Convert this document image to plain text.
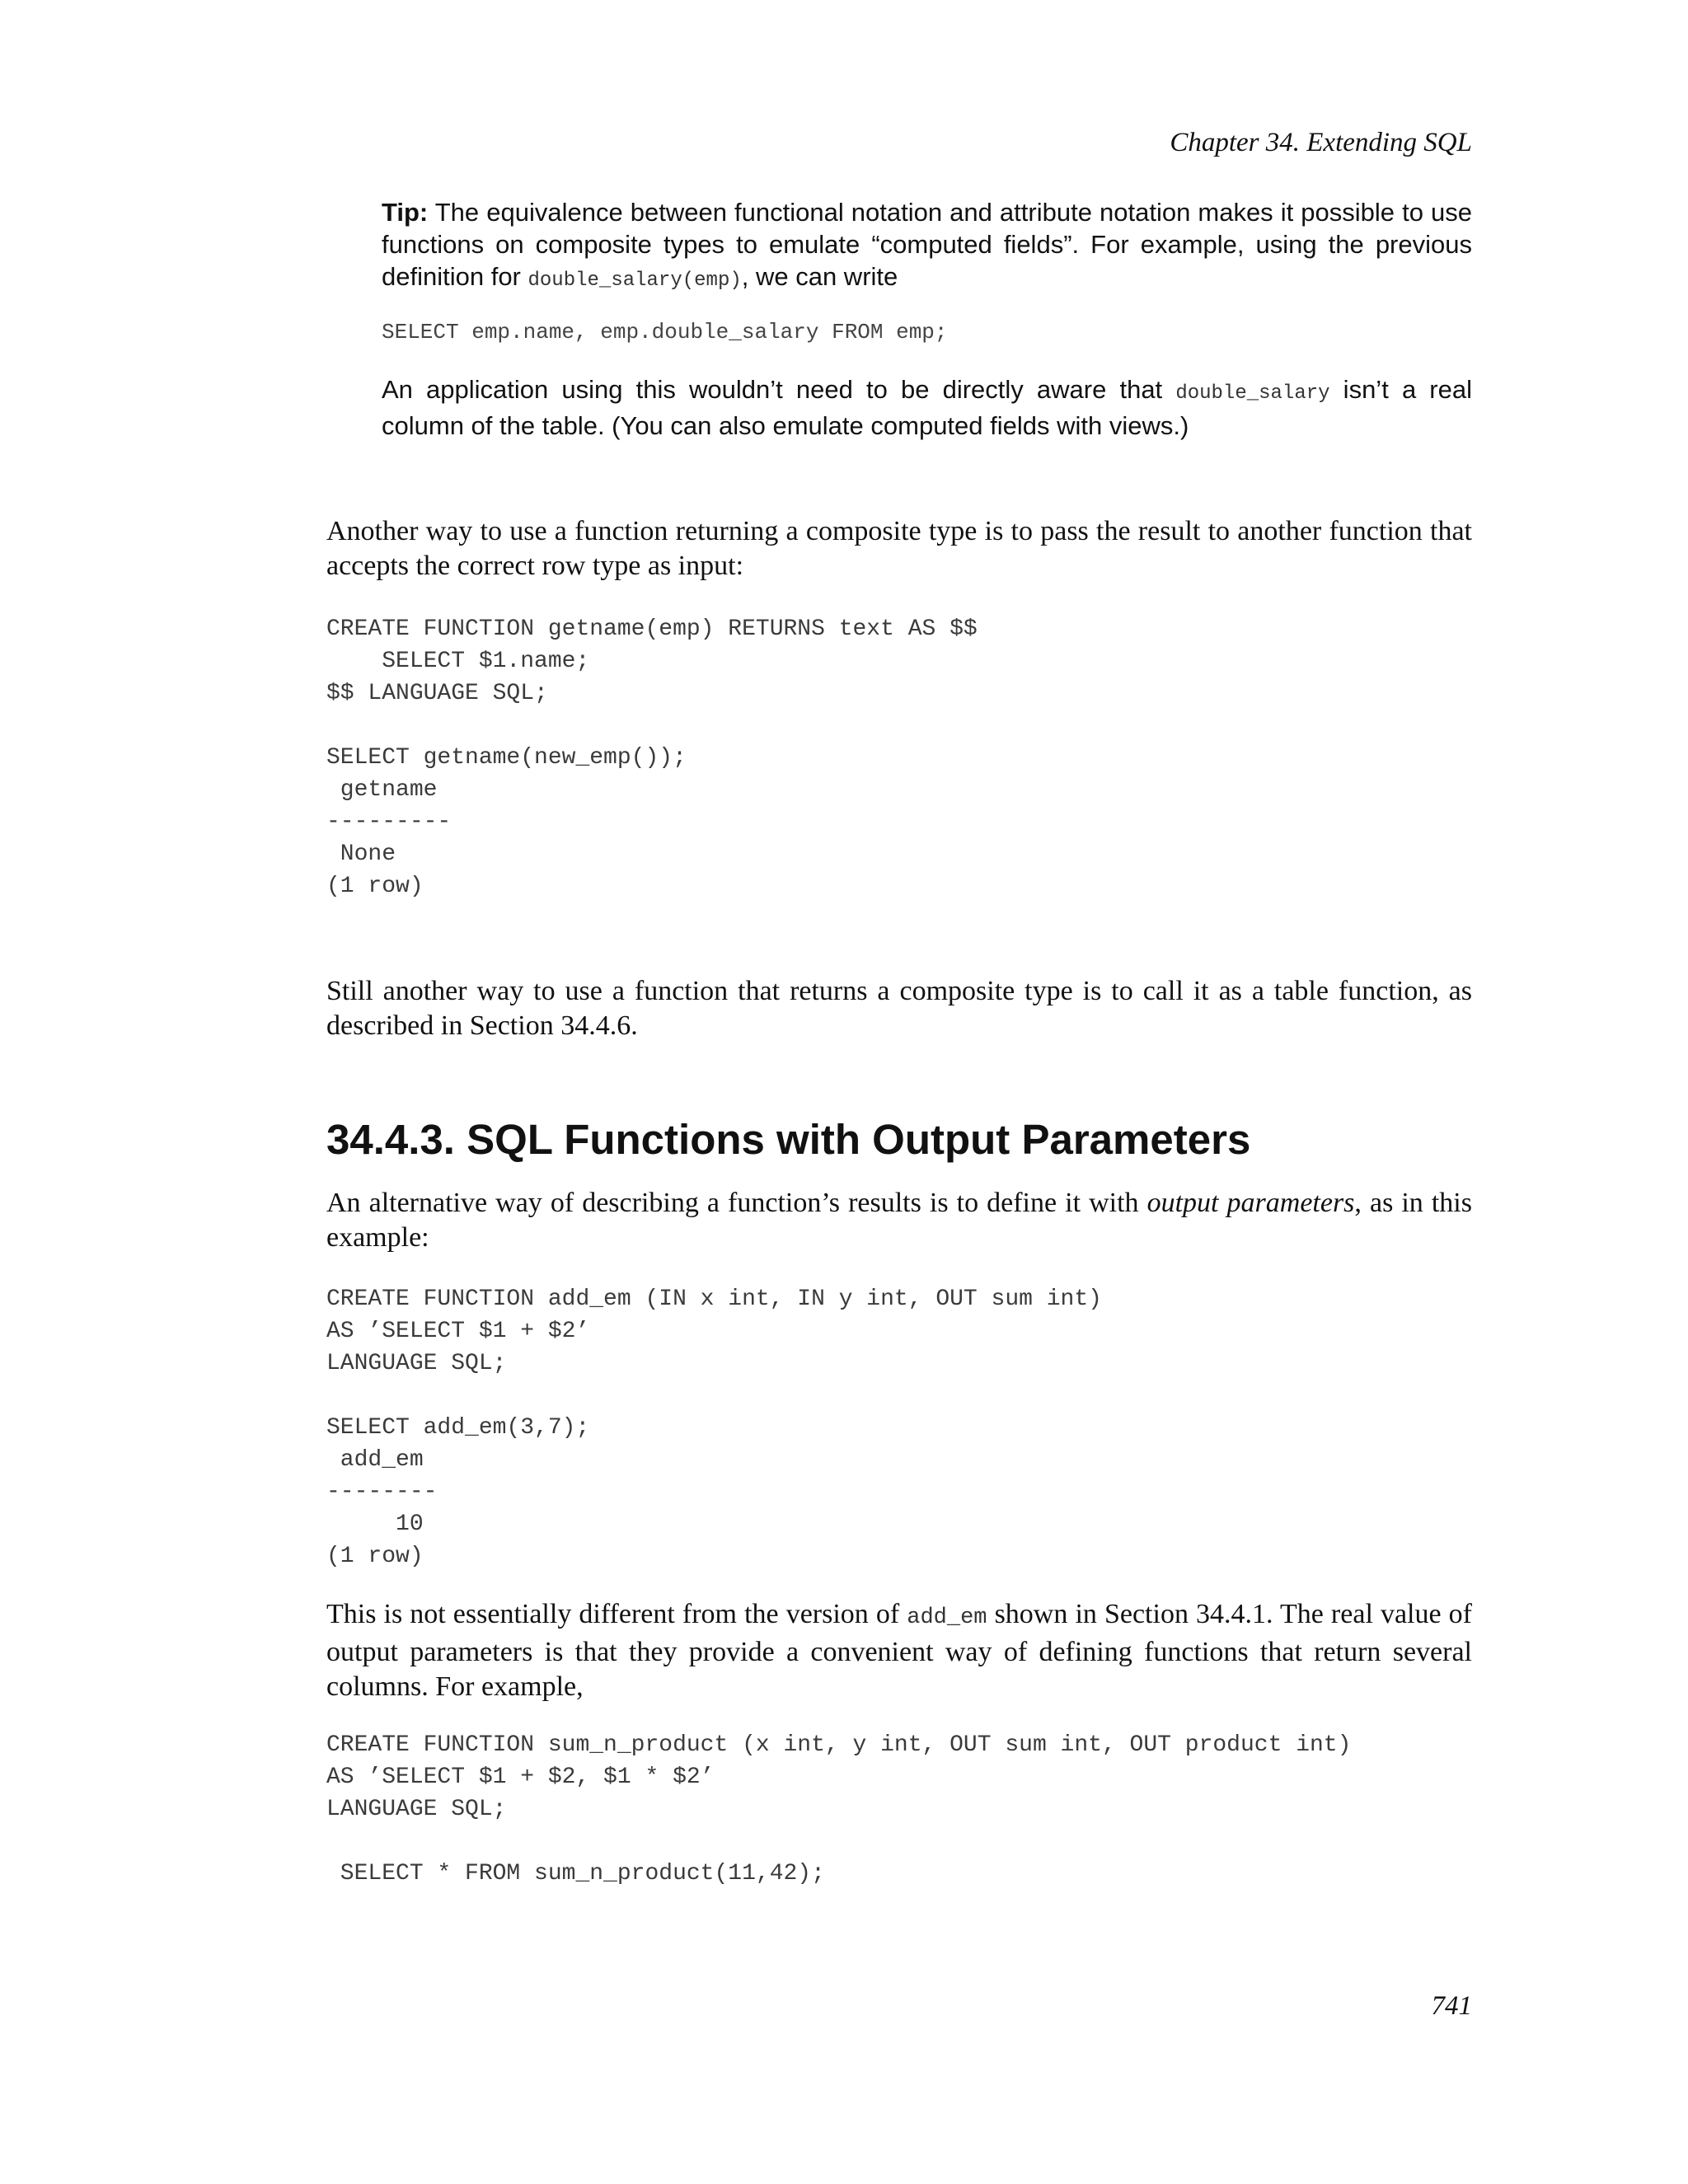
Chapter 34. Extending SQL

Tip: The equivalence between functional notation and attribute notation makes it possible to use functions on composite types to emulate “computed fields”. For example, using the previous definition for double_salary(emp), we can write

SELECT emp.name, emp.double_salary FROM emp;

An application using this wouldn’t need to be directly aware that double_salary isn’t a real column of the table. (You can also emulate computed fields with views.)

Another way to use a function returning a composite type is to pass the result to another function that accepts the correct row type as input:

CREATE FUNCTION getname(emp) RETURNS text AS $$
SELECT $1.name;
$$ LANGUAGE SQL;

SELECT getname(new_emp());
getname
---------
None
(1 row)

Still another way to use a function that returns a composite type is to call it as a table function, as described in Section 34.4.6.

34.4.3. SQL Functions with Output Parameters

An alternative way of describing a function’s results is to define it with output parameters, as in this example:

CREATE FUNCTION add_em (IN x int, IN y int, OUT sum int)
AS ’SELECT $1 + $2’
LANGUAGE SQL;

SELECT add_em(3,7);
add_em
--------
10
(1 row)

This is not essentially different from the version of add_em shown in Section 34.4.1. The real value of output parameters is that they provide a convenient way of defining functions that return several columns. For example,

CREATE FUNCTION sum_n_product (x int, y int, OUT sum int, OUT product int)
AS ’SELECT $1 + $2, $1 * $2’
LANGUAGE SQL;

SELECT * FROM sum_n_product(11,42);
741
